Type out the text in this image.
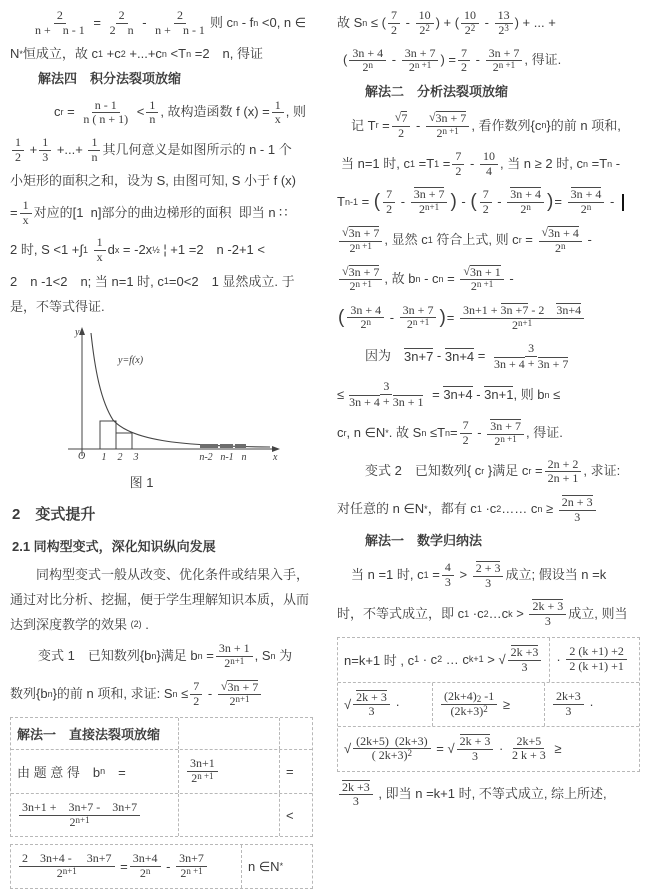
$\frac{2}{n + n - 1} = \frac{2}{2 n} - \frac{2}{n + n - 1}$ 则 c n - f n <0, n ∈
N * 恒成立，故 c 1 +c 2 +...+c n <T n =2　n, 得证
解法四　积分法裂项放缩
c $r = \frac{n - 1}{n ( n + 1)} < \frac{1}{n}$ , 故构造函数 f $(x) = \frac{1}{x}$ , 则
$\frac{1}{2} + \frac{1}{3}$ +...+ $\frac{1}{n}$ 其几何意义是如图所示的 n - 1 个
小矩形的面积之和，设为 S, 由图可知, S 小于 f (x)
= $\frac{1}{x}$ 对应的[1  n]部分的曲边梯形的面积  即当 n ∷
2 时, S <1 +∫ 1
$\frac{1}{x}$ d x = -2x ½ ¦ +1 =2　n -2+1 <
2　n -1<2　n; 当 n=1 时, c 1 =0<2　1 显然成立. 于
是，不等式得证.
y
x
O
y=f(x)
1 2 3	n-2 n-1 n
图 1
2　变式提升
2.1 同构型变式，深化知识纵向发展
　　同构型变式一般从改变、优化条件或结果入手，
通过对比分析、挖掘，便于学生理解知识本质，从而
达到深度教学的效果 (2) .
变式 1　已知数列{b n }满足 b $n = \frac{3n + 1}{2 n+1}$ , S n 为
数列{b n }的前 n 项和, 求证: S $n \le \frac{7}{2} - \frac{√ 3n + 7}{2 n+1}$
解法一　直接法裂项放缩
由 题 意 得　b n 　=	$\frac{3n+1}{2 n +1}$	=
$\frac{3n+1 + 3n+7 - 3n+7}{2 n+1}$	<
$\frac{2 3n+4 - 3n+7}{2 n+1} = \frac{3n+4}{2 n} - \frac{3n+7}{2 n +1}$	n ∈N *
故 S n ≤ ( $\frac{7}{2} - \frac{10}{2 2}$ ) + ( $\frac{10}{2 2} - \frac{13}{2 3}$ ) + ... +
( $\frac{3n + 4}{2 n} - \frac{3n + 7}{2 n +1}$ ) = $\frac{7}{2} - \frac{3n + 7}{2 n +1}$ , 得证.
解法二　分析法裂项放缩
记 T $r = \frac{√ 7}{2} - \frac{√ 3n + 7}{2 n +1}$ , 看作数列{c n }的前 n 项和,
当 n=1 时, c 1 =T $1 = \frac{7}{2} - \frac{10}{4}$ , 当 n ≥ 2 时, c n =T n -
T n-1 = ( $\frac{7}{2} - \frac{3n + 7}{2 n+1}$ ) - ( $\frac{7}{2} - \frac{3n + 4}{2 n}$ ) = $\frac{3n + 4}{2 n}$ -
$\frac{√ 3n + 7}{2 n +1}$ , 显然 c 1 符合上式, 则 c $r = \frac{√ 3n + 4}{2 n}$ -
$\frac{√ 3n + 7}{2 n +1}$ , 故 b n - c $n = \frac{√ 3n + 1}{2 n +1}$ -
( $\frac{3n + 4}{2 n} - \frac{3n + 7}{2 n +1}$ ) = $\frac{3n+1 + 3n +7 - 2 3n+4}{2 n+1}$
因为　 $3n+7 - 3n+4 = \frac{3}{3n + 4 + 3n + 7}$
≤ $\frac{3}{3n + 4 + 3n + 1} = 3n+4 - 3n+1$ , 则 b n ≤
c r , n ∈N * . 故 S n ≤T $n = \frac{7}{2} - \frac{3n + 7}{2 n +1}$ , 得证.
变式 2　已知数列{ c r }满足 c $r = \frac{2n + 2}{2n + 1}$ , 求证:
对任意的 n ∈N * ，都有 c 1 ·c 2 …… c $n \ge \frac{2n + 3}{3}$
解法一　数学归纳法
当 n =1 时, c $1 = \frac{4}{3} > \frac{2 + 3}{3}$ 成立; 假设当 n =k
时，不等式成立，即 c 1 ·c 2 …c $k > \frac{2k + 3}{3}$ 成立, 则当
n=k+1 时 , c 1 · c 2 … c k+1 > √ $\frac{2k +3}{3} \cdot \frac{2 (k +1) +2}{2 (k +1) +1}$
√ $\frac{2k + 3}{3}$ ·	$\frac{(2k+4) 2 -1}{(2k+3) 2}$ ≥	$\frac{2k+3}{3}$ ·
√ $\frac{(2k+5) (2k+3)}{( 2k+3) 2}$ = √ $\frac{2k + 3}{3} \cdot \frac{2k+5}{2 k + 3}$ ≥
$\frac{2k +3}{3}$ , 即当 n =k+1 时, 不等式成立, 综上所述,
